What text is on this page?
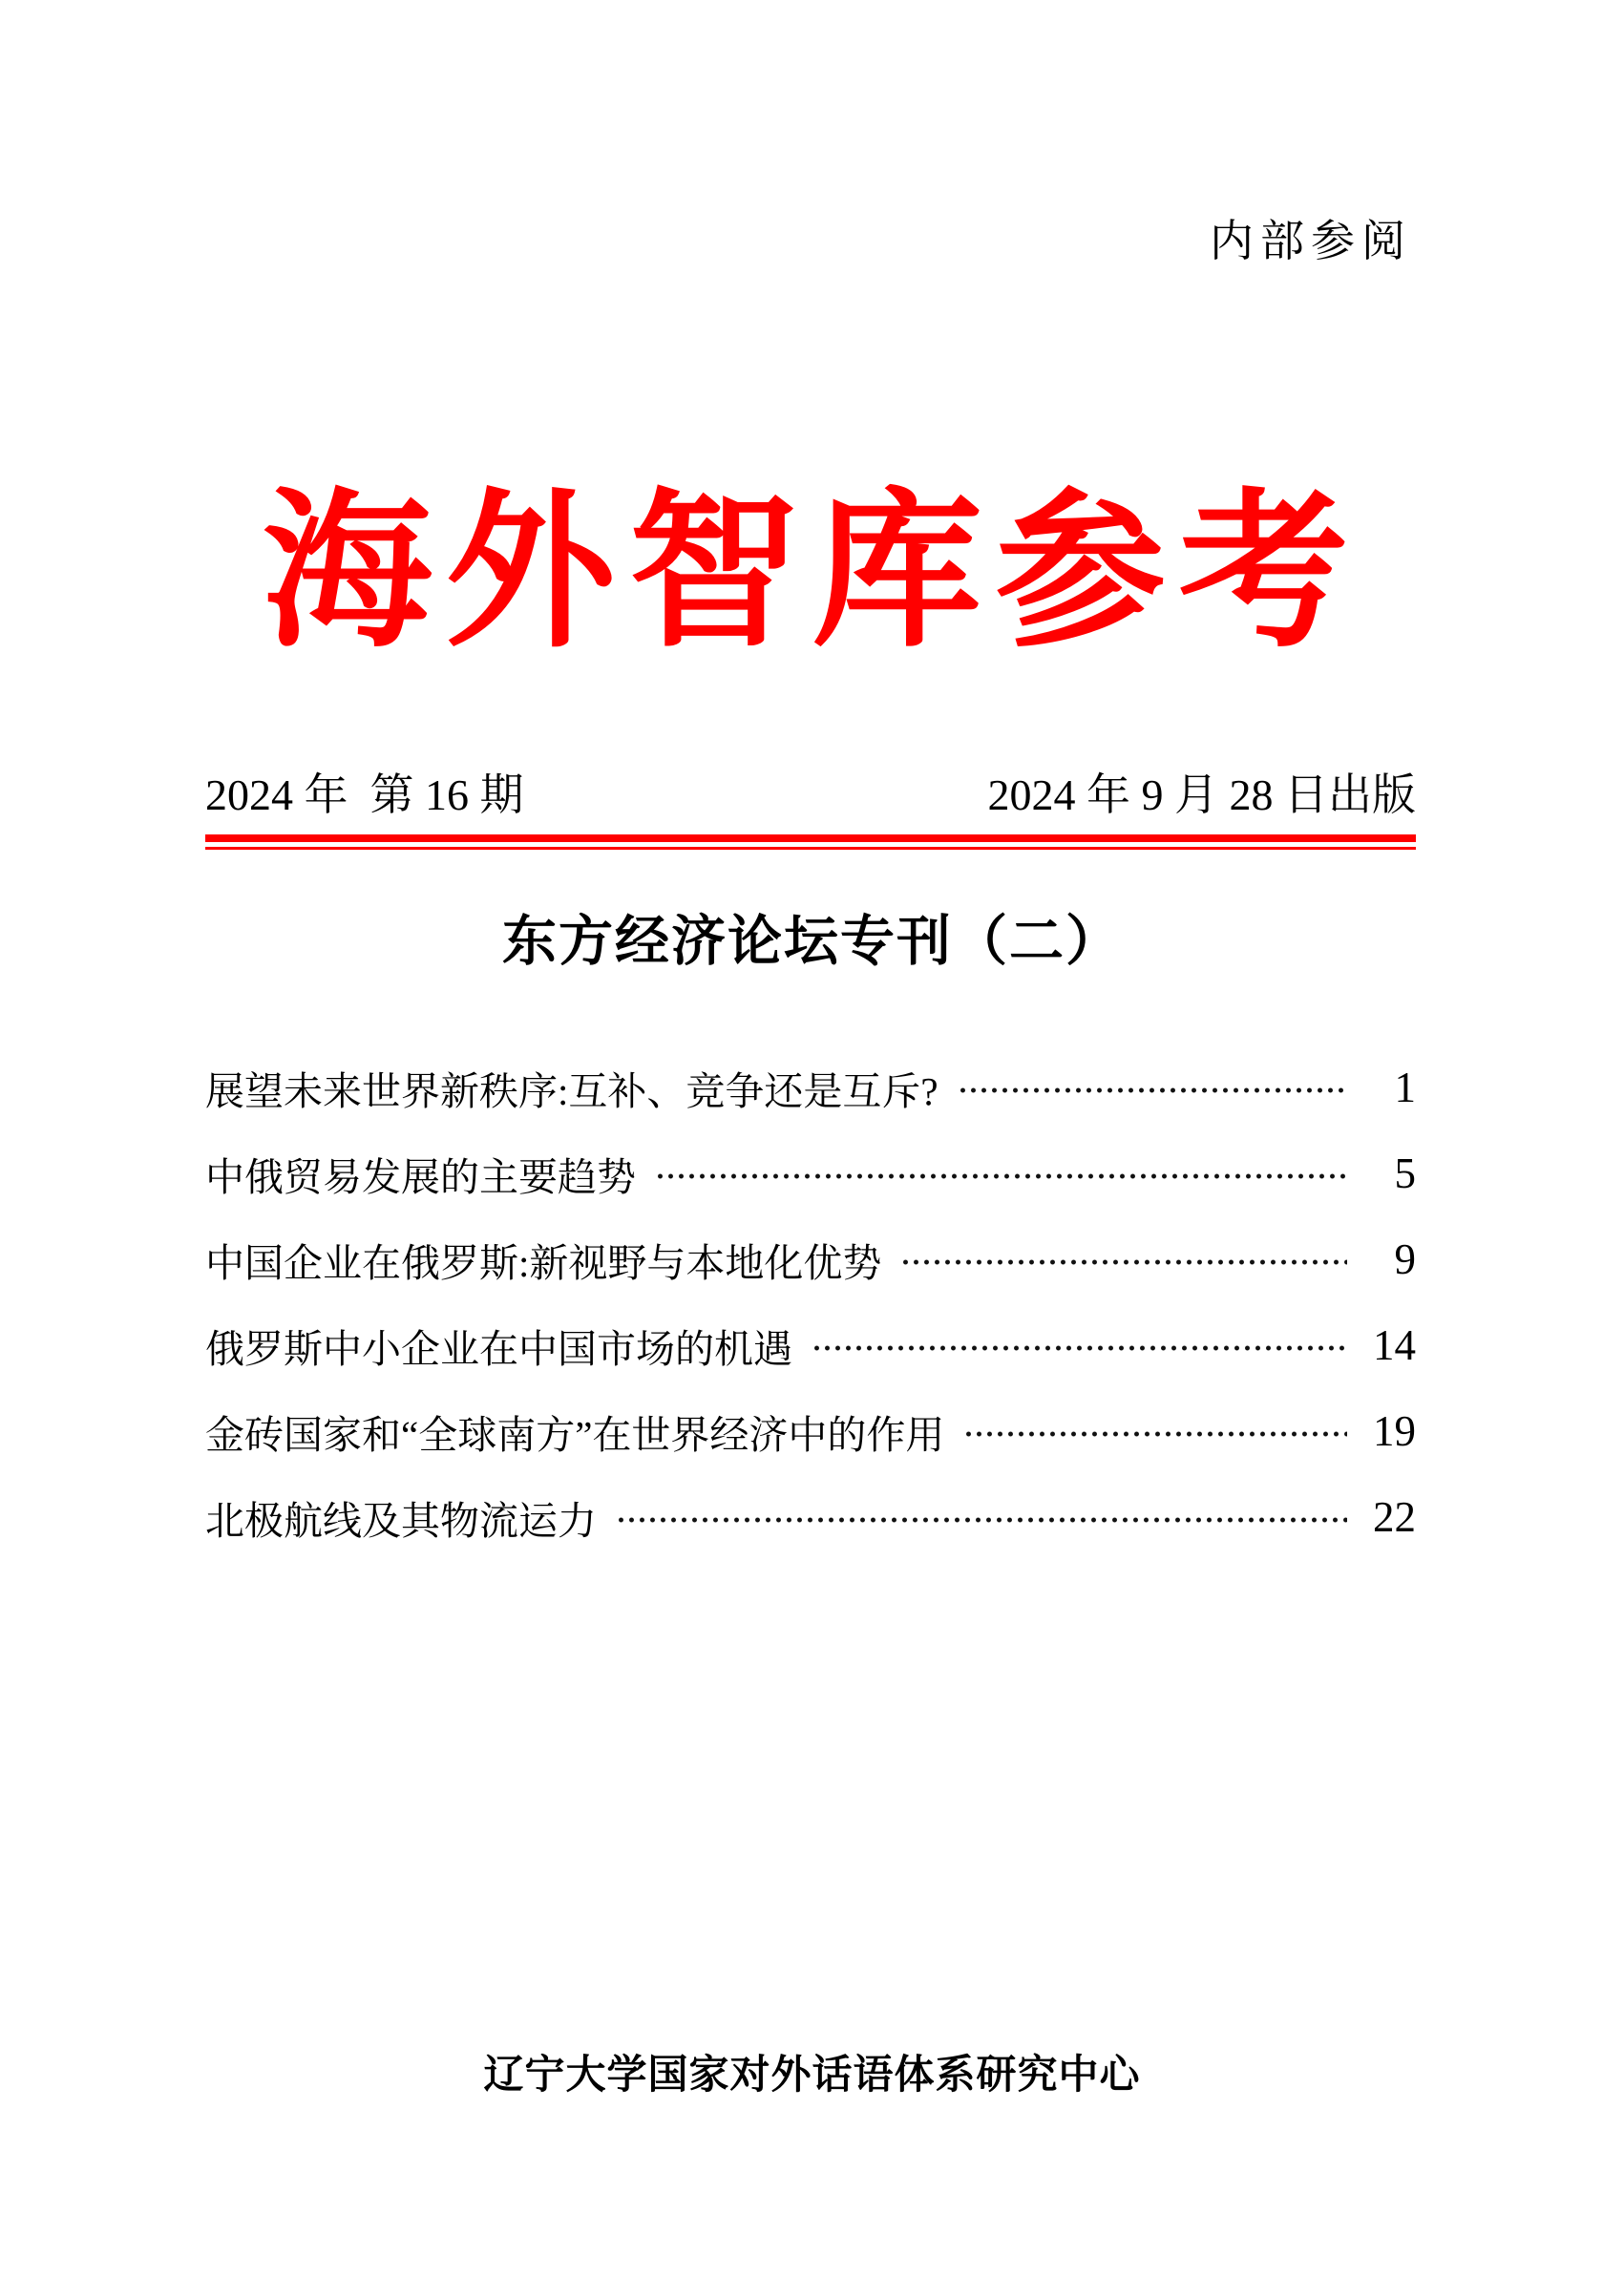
内部参阅
海外智库参考
2024 年  第 16 期	2024 年 9 月 28 日出版
东方经济论坛专刊（二）
展望未来世界新秩序:互补、竞争还是互斥?	1
中俄贸易发展的主要趋势	5
中国企业在俄罗斯:新视野与本地化优势	9
俄罗斯中小企业在中国市场的机遇	14
金砖国家和“全球南方”在世界经济中的作用	19
北极航线及其物流运力	22
辽宁大学国家对外话语体系研究中心
